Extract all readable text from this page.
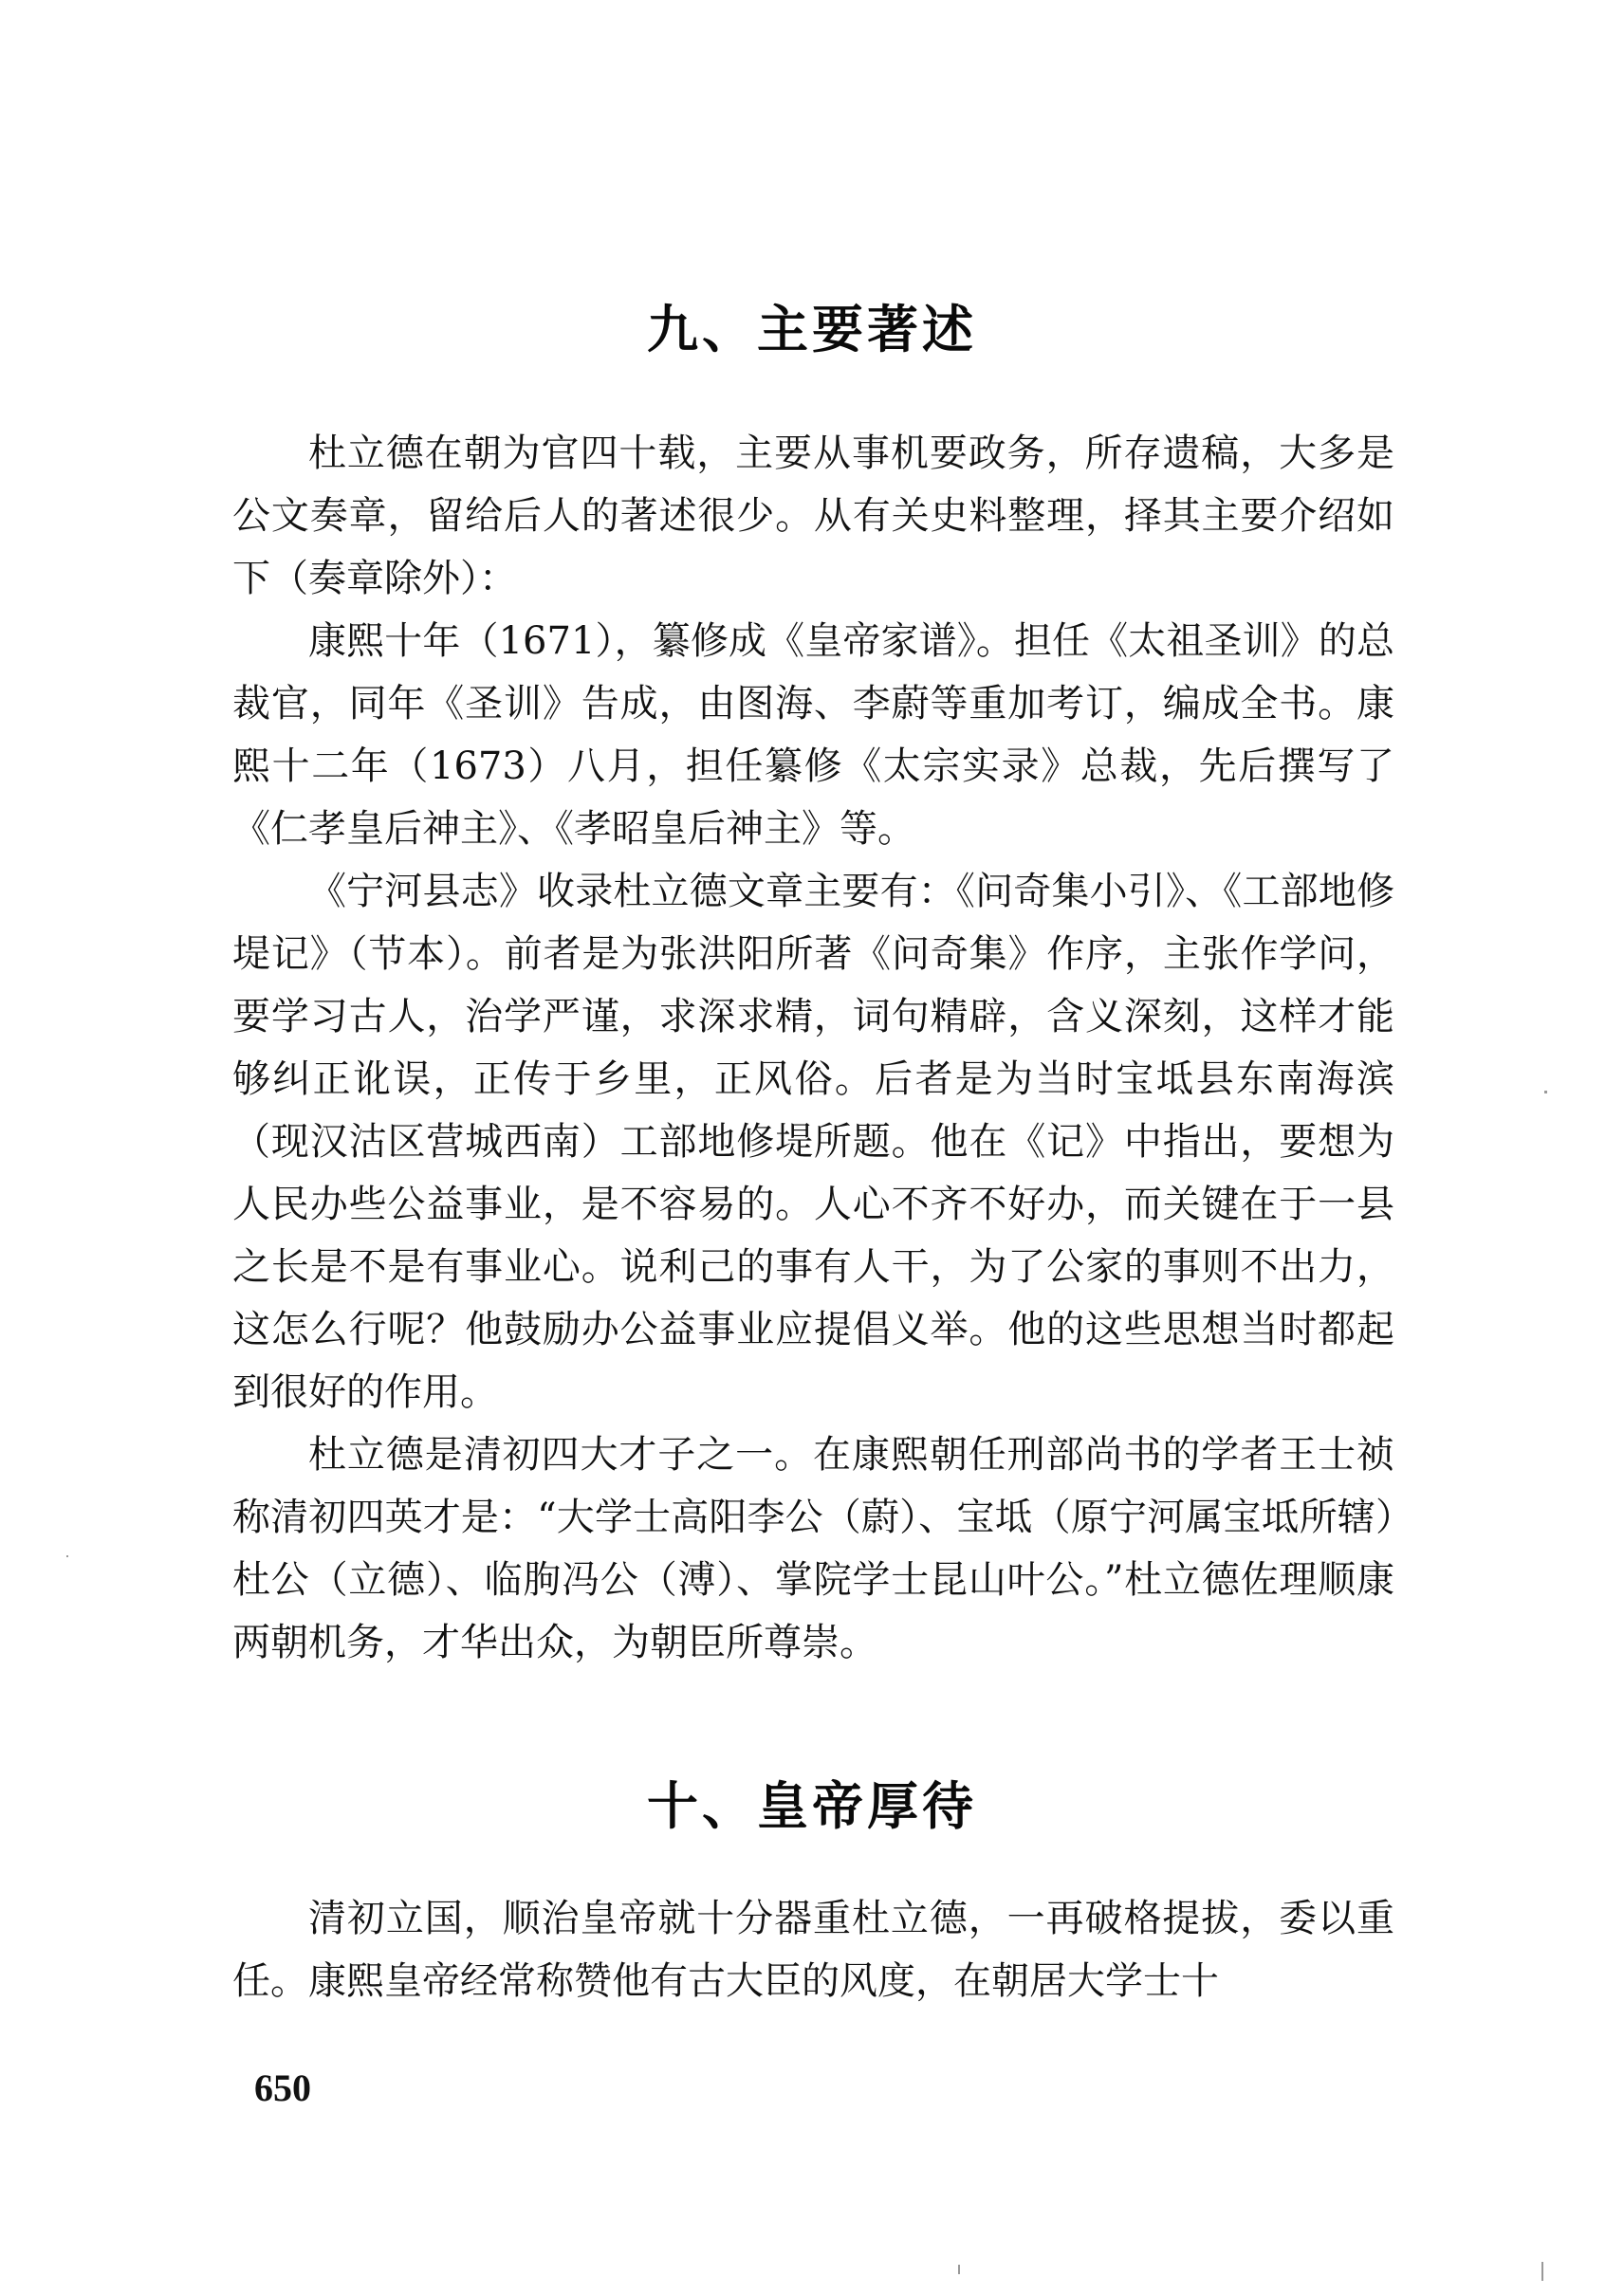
九、主要著述

杜立德在朝为官四十载，主要从事机要政务，所存遗稿，大多是公文奏章，留给后人的著述很少。从有关史料整理，择其主要介绍如下（奏章除外）：

康熙十年（1671），纂修成《皇帝家谱》。担任《太祖圣训》的总裁官，同年《圣训》告成，由图海、李蔚等重加考订，编成全书。康熙十二年（1673）八月，担任纂修《太宗实录》总裁，先后撰写了《仁孝皇后神主》、《孝昭皇后神主》等。

《宁河县志》收录杜立德文章主要有：《问奇集小引》、《工部地修堤记》（节本）。前者是为张洪阳所著《问奇集》作序，主张作学问，要学习古人，治学严谨，求深求精，词句精辟，含义深刻，这样才能够纠正讹误，正传于乡里，正风俗。后者是为当时宝坻县东南海滨（现汉沽区营城西南）工部地修堤所题。他在《记》中指出，要想为人民办些公益事业，是不容易的。人心不齐不好办，而关键在于一县之长是不是有事业心。说利己的事有人干，为了公家的事则不出力，这怎么行呢？他鼓励办公益事业应提倡义举。他的这些思想当时都起到很好的作用。

杜立德是清初四大才子之一。在康熙朝任刑部尚书的学者王士祯称清初四英才是：“大学士高阳李公（蔚）、宝坻（原宁河属宝坻所辖）杜公（立德）、临朐冯公（溥）、掌院学士昆山叶公。”杜立德佐理顺康两朝机务，才华出众，为朝臣所尊崇。

十、皇帝厚待

清初立国，顺治皇帝就十分器重杜立德，一再破格提拔，委以重任。康熙皇帝经常称赞他有古大臣的风度，在朝居大学士十

650
